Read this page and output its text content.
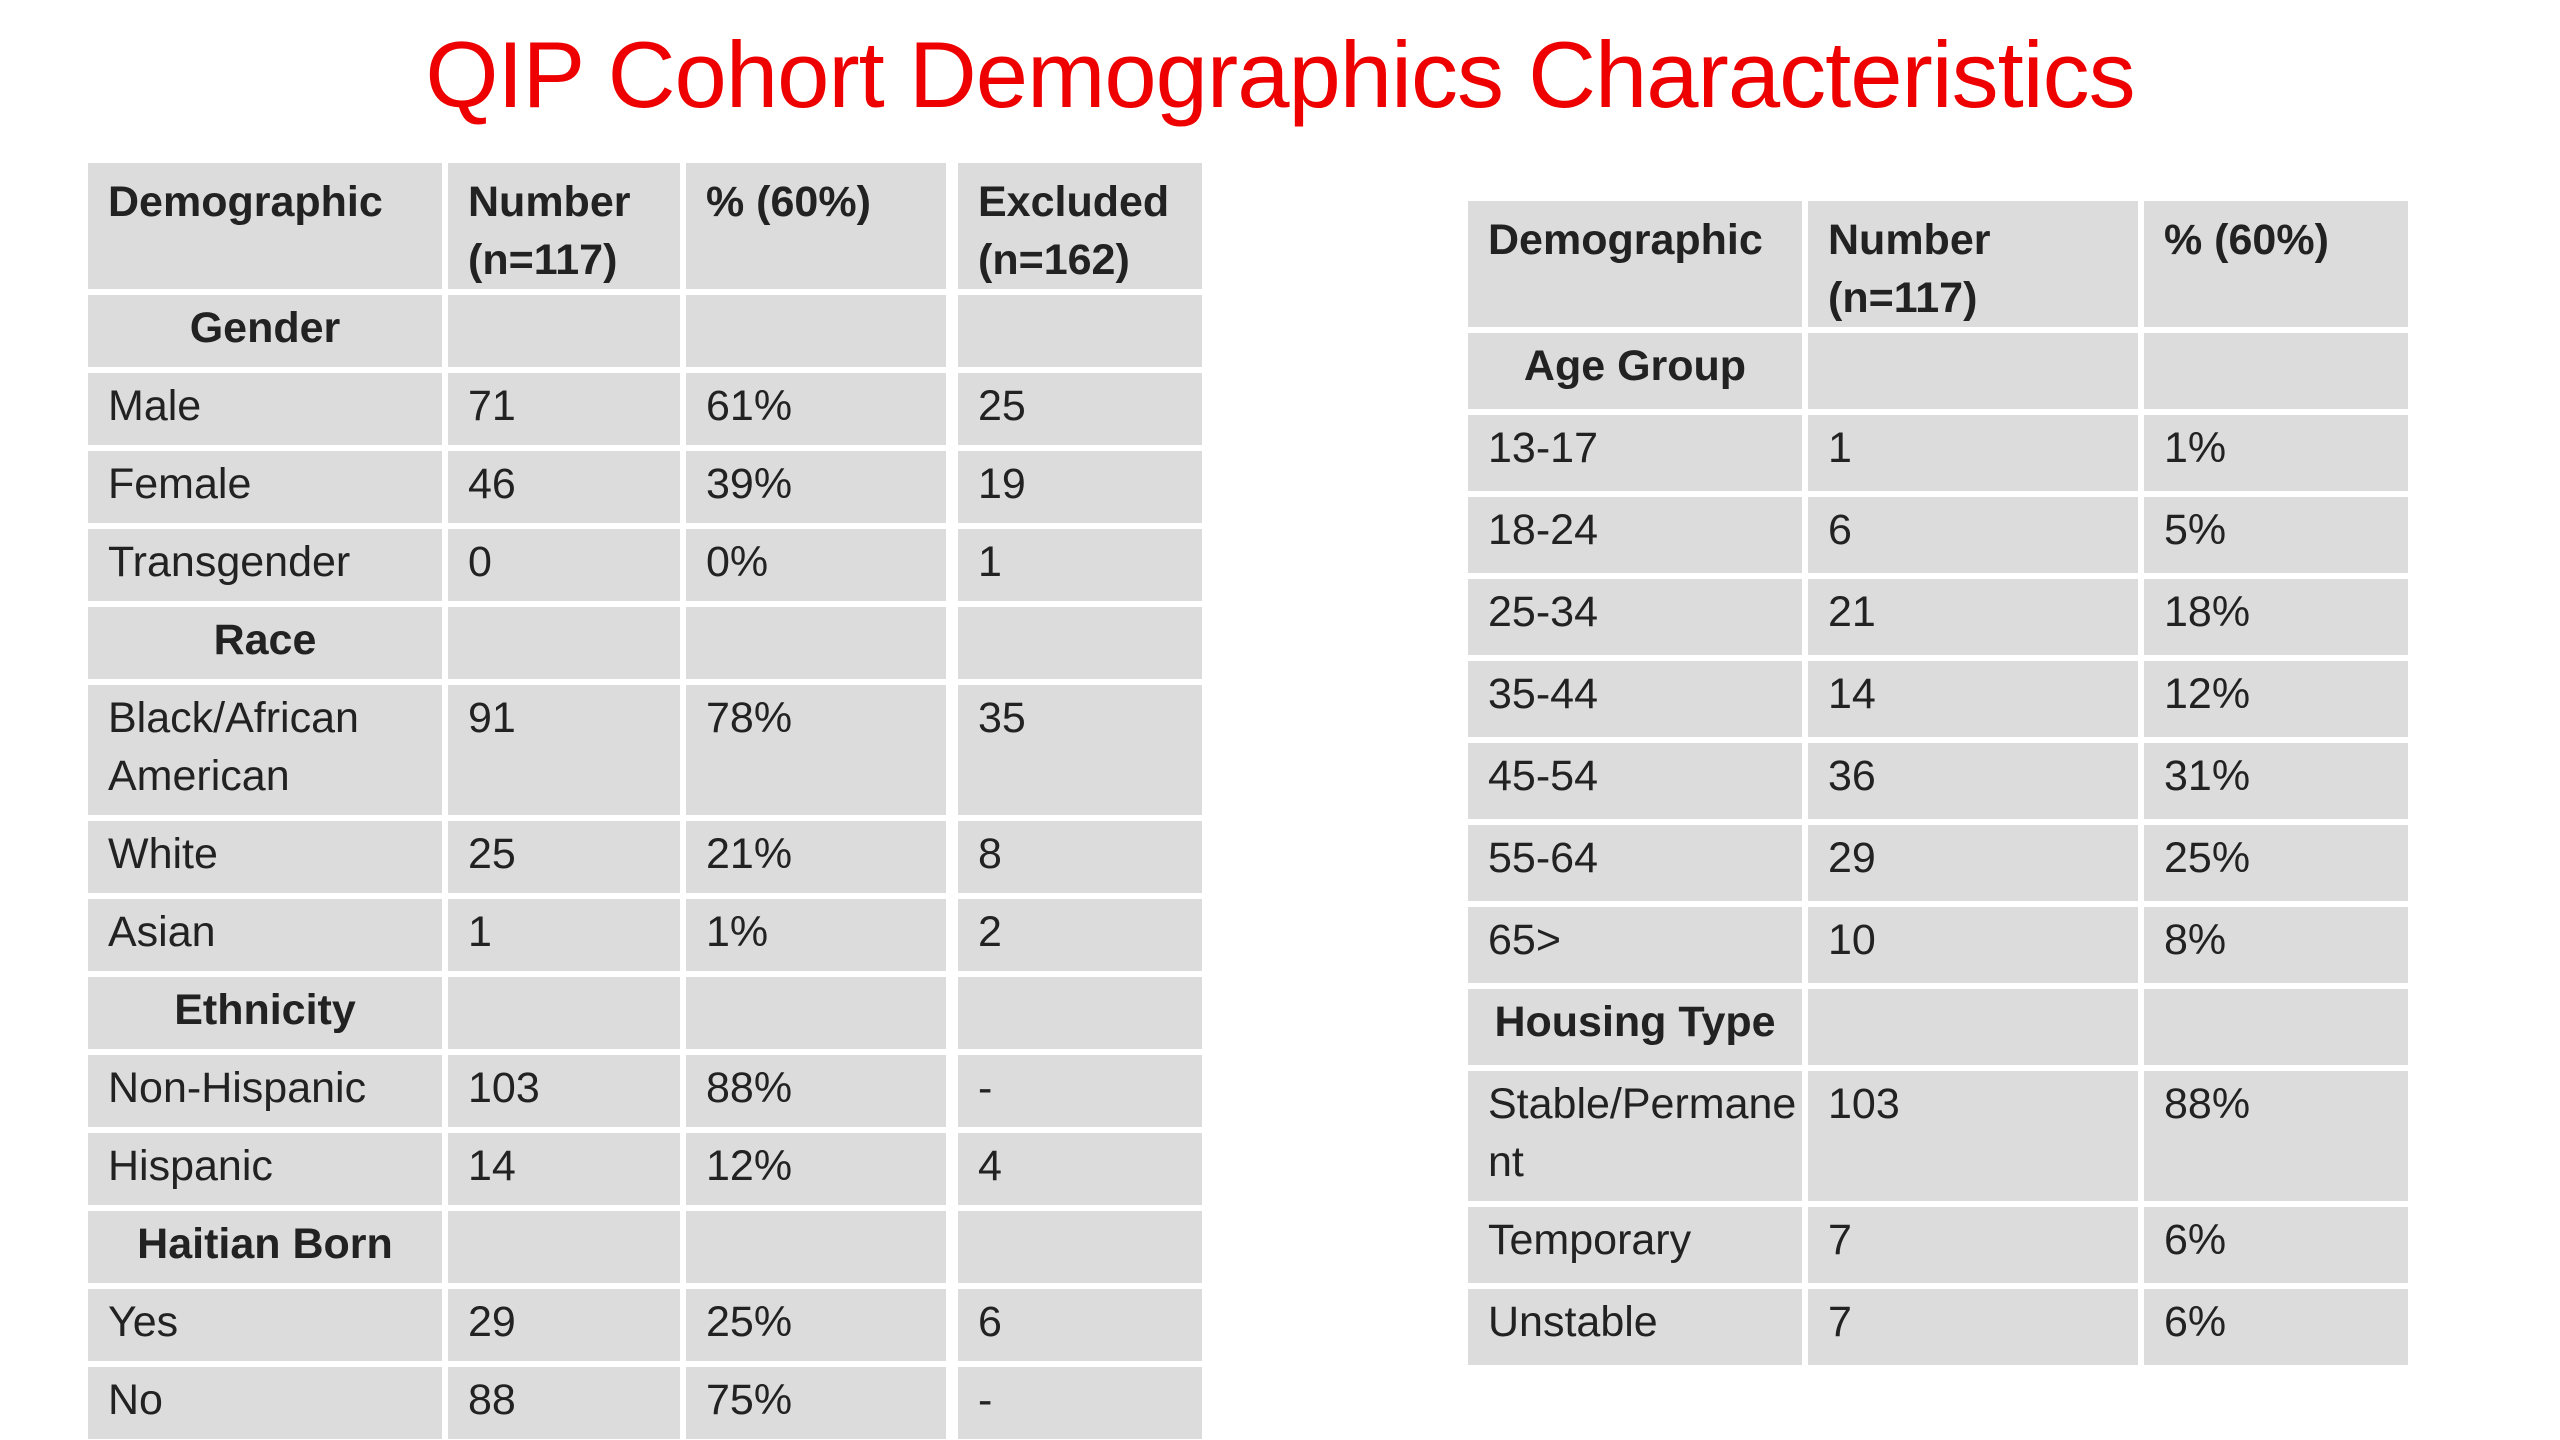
QIP Cohort Demographics Characteristics
Demographic	Number (n=117)	% (60%)		Excluded (n=162)
Gender				
Male	71	61%		25
Female	46	39%		19
Transgender	0	0%		1
Race				
Black/African American	91	78%		35
White	25	21%		8
Asian	1	1%		2
Ethnicity				
Non-Hispanic	103	88%		-
Hispanic	14	12%		4
Haitian Born				
Yes	29	25%		6
No	88	75%		-
Demographic	Number (n=117)	% (60%)
Age Group		
13-17	1	1%
18-24	6	5%
25-34	21	18%
35-44	14	12%
45-54	36	31%
55-64	29	25%
65>	10	8%
Housing Type		
Stable/Permanent	103	88%
Temporary	7	6%
Unstable	7	6%
